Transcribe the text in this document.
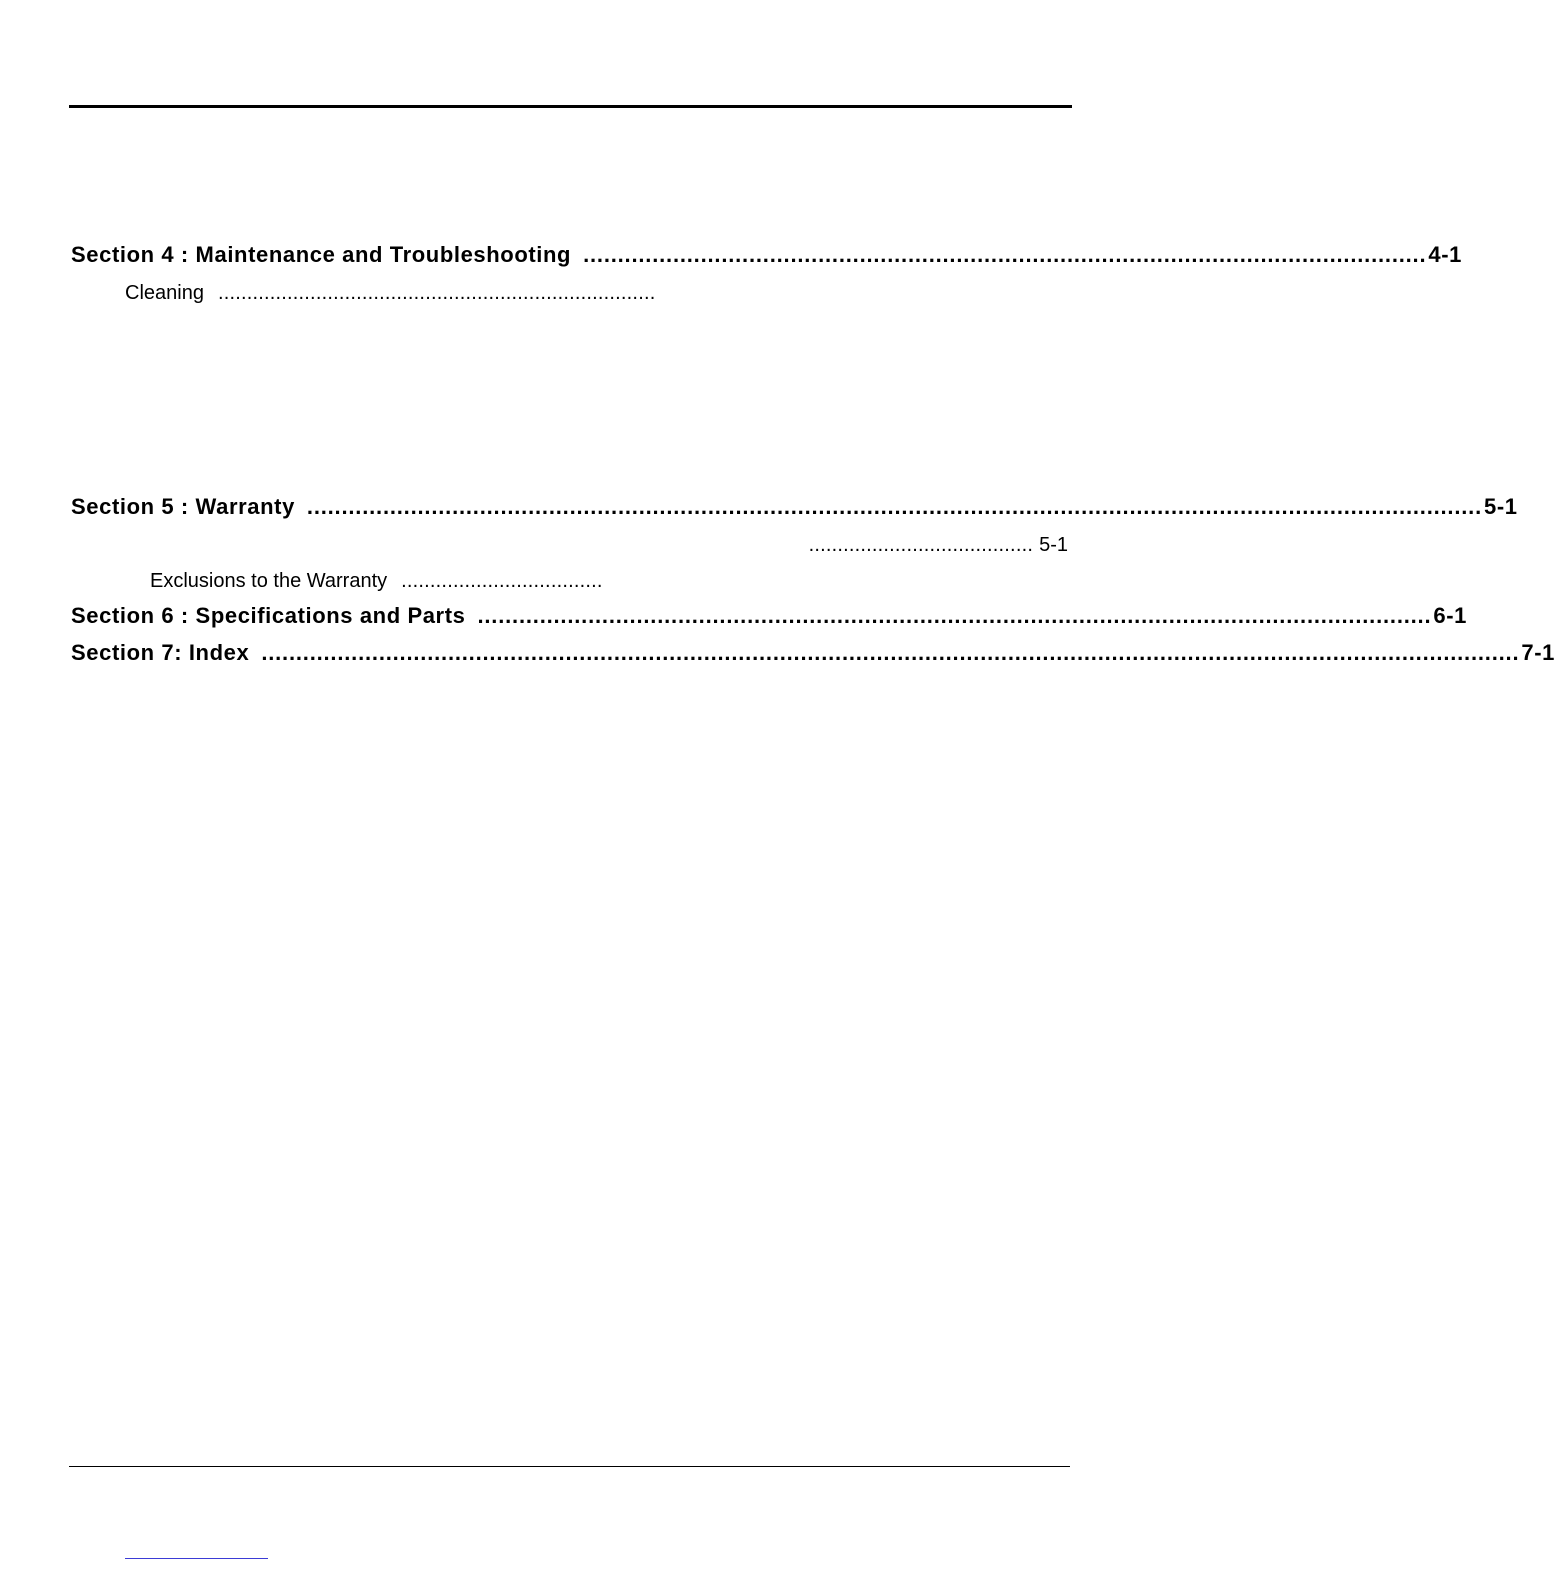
Section 4 : Maintenance and Troubleshooting .......................................................................................................................... 4-1
Cleaning ............................................................................
Section 5 : Warranty .......................................................................................................................................................................... 5-1
....................................... 5-1
Exclusions to the Warranty ...................................
Section 6 : Specifications and Parts .......................................................................................................................................... 6-1
Section 7: Index ...................................................................................................................................................................................... 7-1
